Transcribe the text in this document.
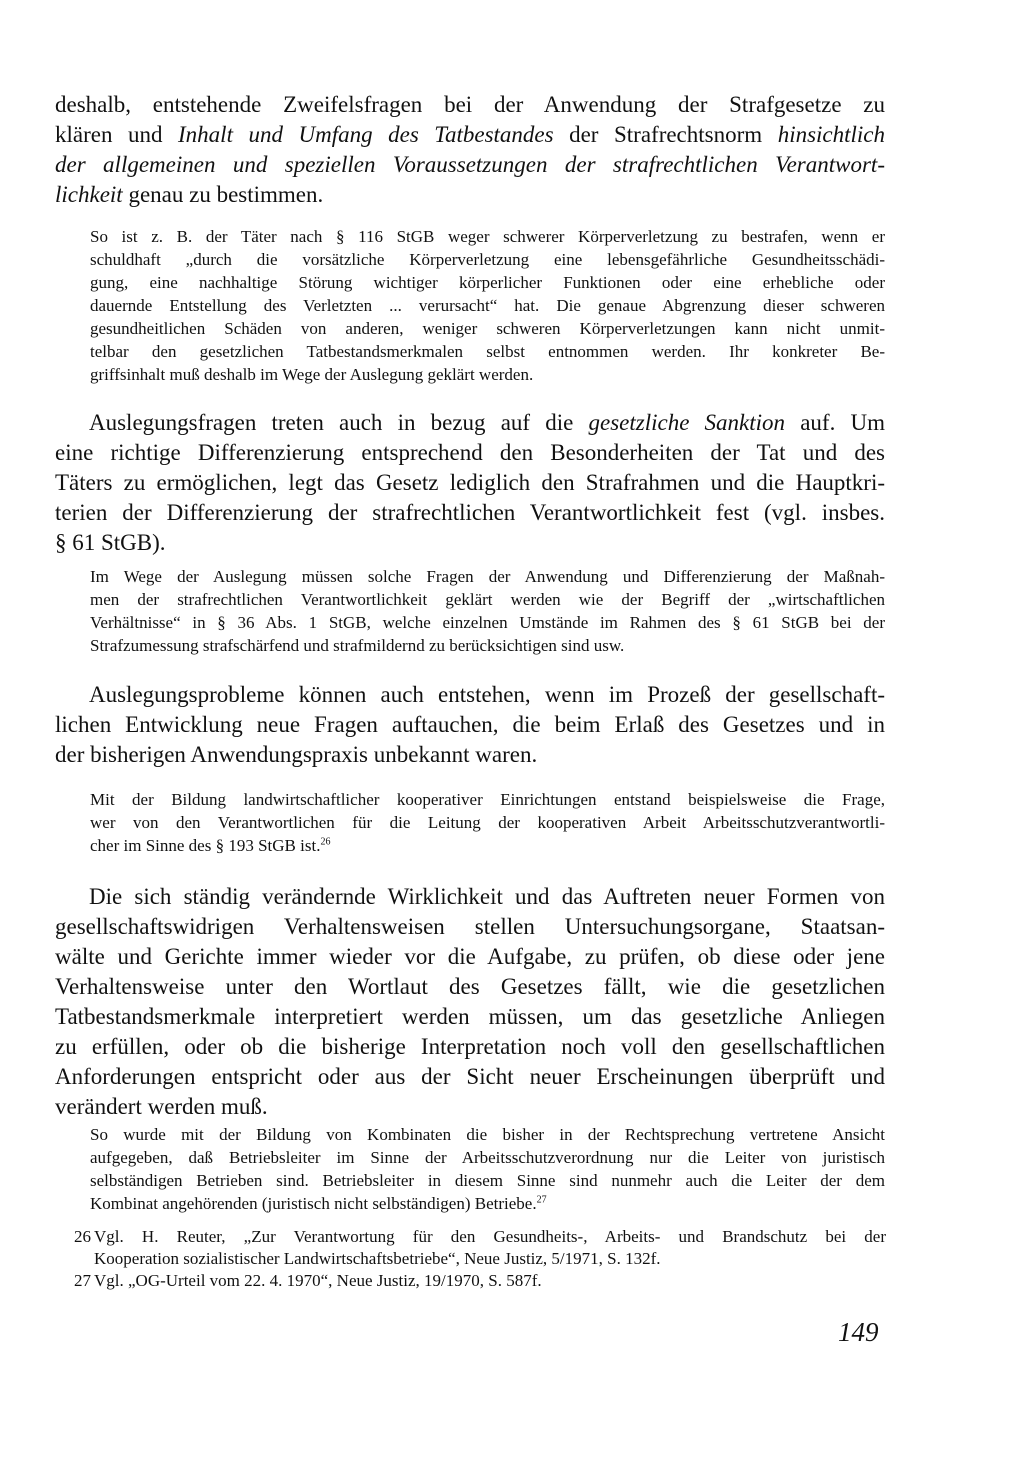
deshalb, entstehende Zweifelsfragen bei der Anwendung der Strafgesetze zu
klären und Inhalt und Umfang des Tatbestandes der Strafrechtsnorm hinsichtlich
der allgemeinen und speziellen Voraussetzungen der strafrechtlichen Verantwort-
lichkeit genau zu bestimmen.
So ist z. B. der Täter nach § 116 StGB weger schwerer Körperverletzung zu bestrafen, wenn er
schuldhaft „durch die vorsätzliche Körperverletzung eine lebensgefährliche Gesundheitsschädi-
gung, eine nachhaltige Störung wichtiger körperlicher Funktionen oder eine erhebliche oder
dauernde Entstellung des Verletzten ... verursacht“ hat. Die genaue Abgrenzung dieser schweren
gesundheitlichen Schäden von anderen, weniger schweren Körperverletzungen kann nicht unmit-
telbar den gesetzlichen Tatbestandsmerkmalen selbst entnommen werden. Ihr konkreter Be-
griffsinhalt muß deshalb im Wege der Auslegung geklärt werden.
Auslegungsfragen treten auch in bezug auf die gesetzliche Sanktion auf. Um
eine richtige Differenzierung entsprechend den Besonderheiten der Tat und des
Täters zu ermöglichen, legt das Gesetz lediglich den Strafrahmen und die Hauptkri-
terien der Differenzierung der strafrechtlichen Verantwortlichkeit fest (vgl. insbes.
§ 61 StGB).
Im Wege der Auslegung müssen solche Fragen der Anwendung und Differenzierung der Maßnah-
men der strafrechtlichen Verantwortlichkeit geklärt werden wie der Begriff der „wirtschaftlichen
Verhältnisse“ in § 36 Abs. 1 StGB, welche einzelnen Umstände im Rahmen des § 61 StGB bei der
Strafzumessung strafschärfend und strafmildernd zu berücksichtigen sind usw.
Auslegungsprobleme können auch entstehen, wenn im Prozeß der gesellschaft-
lichen Entwicklung neue Fragen auftauchen, die beim Erlaß des Gesetzes und in
der bisherigen Anwendungspraxis unbekannt waren.
Mit der Bildung landwirtschaftlicher kooperativer Einrichtungen entstand beispielsweise die Frage,
wer von den Verantwortlichen für die Leitung der kooperativen Arbeit Arbeitsschutzverantwortli-
cher im Sinne des § 193 StGB ist.$^{26}$
Die sich ständig verändernde Wirklichkeit und das Auftreten neuer Formen von
gesellschaftswidrigen Verhaltensweisen stellen Untersuchungsorgane, Staatsan-
wälte und Gerichte immer wieder vor die Aufgabe, zu prüfen, ob diese oder jene
Verhaltensweise unter den Wortlaut des Gesetzes fällt, wie die gesetzlichen
Tatbestandsmerkmale interpretiert werden müssen, um das gesetzliche Anliegen
zu erfüllen, oder ob die bisherige Interpretation noch voll den gesellschaftlichen
Anforderungen entspricht oder aus der Sicht neuer Erscheinungen überprüft und
verändert werden muß.
So wurde mit der Bildung von Kombinaten die bisher in der Rechtsprechung vertretene Ansicht
aufgegeben, daß Betriebsleiter im Sinne der Arbeitsschutzverordnung nur die Leiter von juristisch
selbständigen Betrieben sind. Betriebsleiter in diesem Sinne sind nunmehr auch die Leiter der dem
Kombinat angehörenden (juristisch nicht selbständigen) Betriebe.$^{27}$
26 Vgl. H. Reuter, „Zur Verantwortung für den Gesundheits-, Arbeits- und Brandschutz bei der
Kooperation sozialistischer Landwirtschaftsbetriebe“, Neue Justiz, 5/1971, S. 132f.
27 Vgl. „OG-Urteil vom 22. 4. 1970“, Neue Justiz, 19/1970, S. 587f.
149
